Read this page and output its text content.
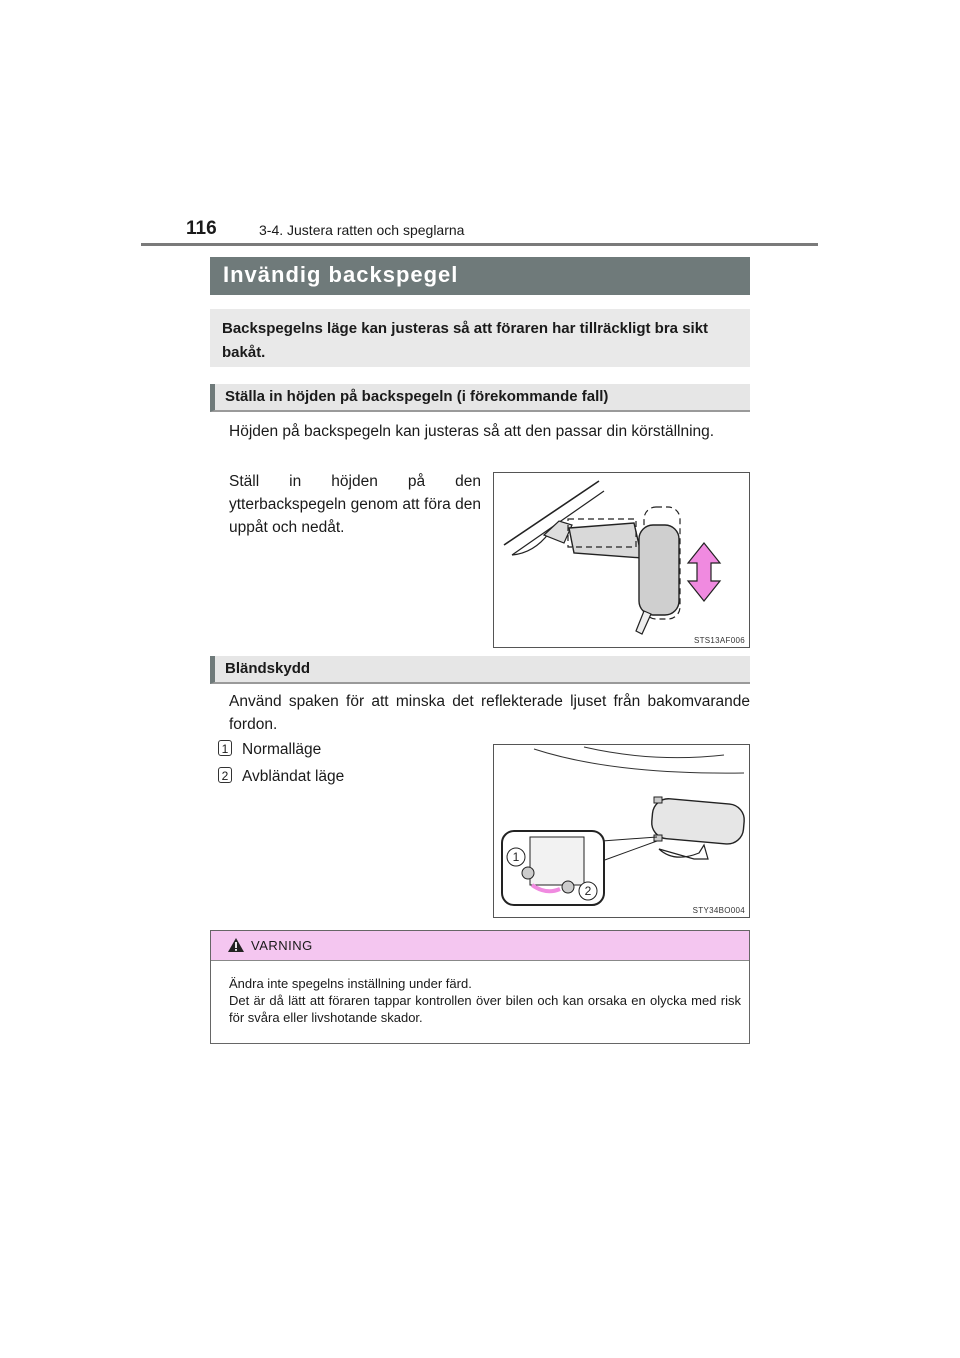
116	3-4. Justera ratten och speglarna
Invändig backspegel
Backspegelns läge kan justeras så att föraren har tillräckligt bra sikt bakåt.
Ställa in höjden på backspegeln (i förekommande fall)
Höjden på backspegeln kan justeras så att den passar din körställning.
Ställ in höjden på den ytterbackspegeln genom att föra den uppåt och nedåt.
STS13AF006
Bländskydd
Använd spaken för att minska det reflekterade ljuset från bakomvarande fordon.
1 Normalläge
2 Avbländat läge
1
2
STY34BO004
VARNING
Ändra inte spegelns inställning under färd.
Det är då lätt att föraren tappar kontrollen över bilen och kan orsaka en olycka med risk för svåra eller livshotande skador.
